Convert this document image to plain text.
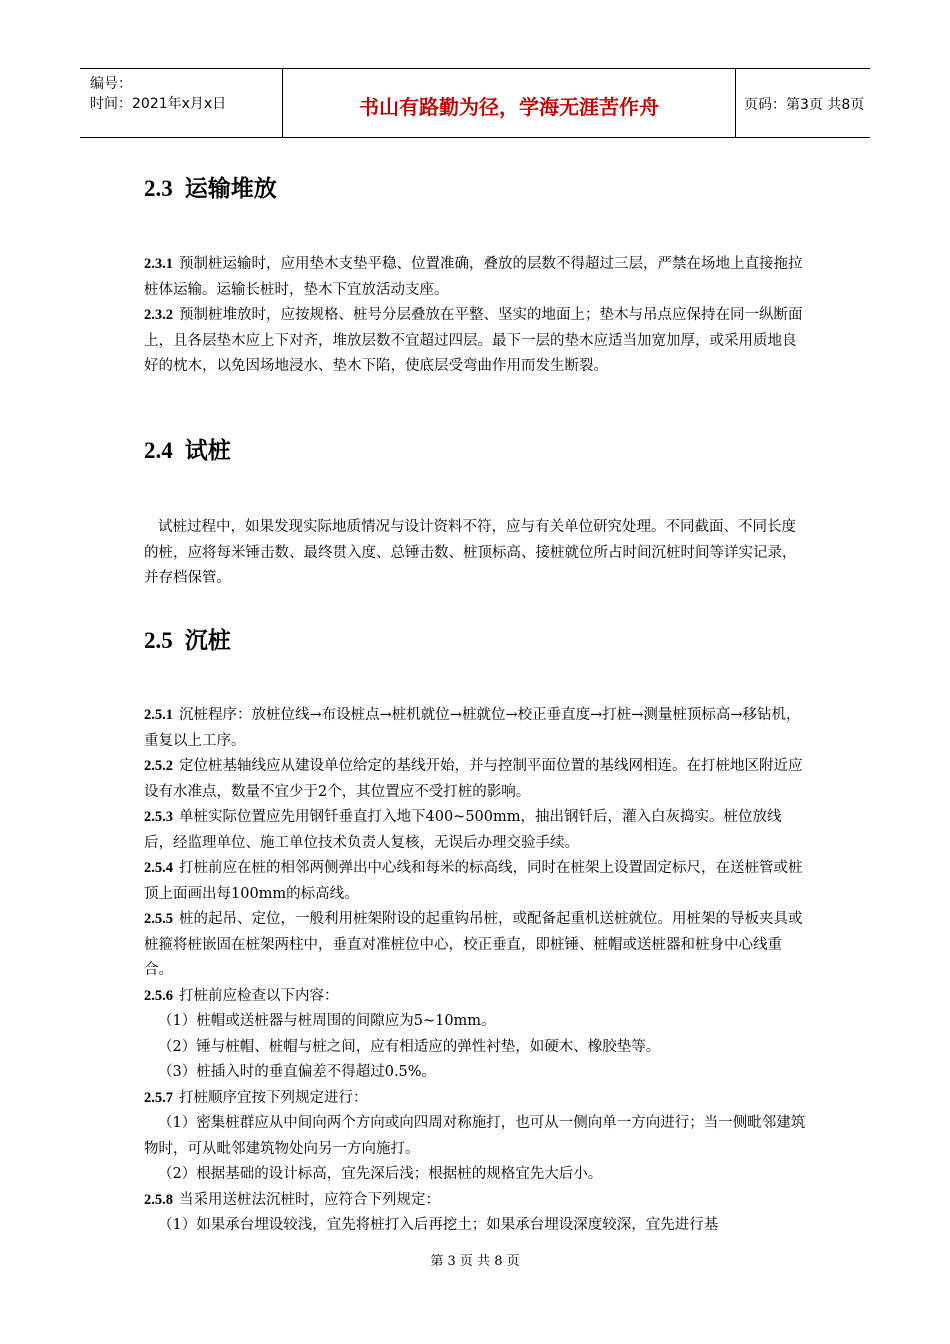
编号：
时间：2021年x月x日	书山有路勤为径，学海无涯苦作舟	页码：第3页 共8页
2.3 运输堆放

2.3.1 预制桩运输时，应用垫木支垫平稳、位置准确，叠放的层数不得超过三层，严禁在场地上直接拖拉桩体运输。运输长桩时，垫木下宜放活动支座。

2.3.2 预制桩堆放时，应按规格、桩号分层叠放在平整、坚实的地面上；垫木与吊点应保持在同一纵断面上，且各层垫木应上下对齐，堆放层数不宜超过四层。最下一层的垫木应适当加宽加厚，或采用质地良好的枕木，以免因场地浸水、垫木下陷，使底层受弯曲作用而发生断裂。

2.4 试桩

试桩过程中，如果发现实际地质情况与设计资料不符，应与有关单位研究处理。不同截面、不同长度的桩，应将每米锤击数、最终贯入度、总锤击数、桩顶标高、接桩就位所占时间沉桩时间等详实记录，并存档保管。

2.5 沉桩

2.5.1 沉桩程序：放桩位线→布设桩点→桩机就位→桩就位→校正垂直度→打桩→测量桩顶标高→移钻机，重复以上工序。

2.5.2 定位桩基轴线应从建设单位给定的基线开始，并与控制平面位置的基线网相连。在打桩地区附近应设有水准点，数量不宜少于2个，其位置应不受打桩的影响。

2.5.3 单桩实际位置应先用钢钎垂直打入地下400~500mm，抽出钢钎后，灌入白灰捣实。桩位放线后，经监理单位、施工单位技术负责人复核，无误后办理交验手续。

2.5.4 打桩前应在桩的相邻两侧弹出中心线和每米的标高线，同时在桩架上设置固定标尺，在送桩管或桩顶上面画出每100mm的标高线。

2.5.5 桩的起吊、定位，一般利用桩架附设的起重钩吊桩，或配备起重机送桩就位。用桩架的导板夹具或桩箍将桩嵌固在桩架两柱中，垂直对准桩位中心，校正垂直，即桩锤、桩帽或送桩器和桩身中心线重合。

2.5.6 打桩前应检查以下内容：

（1）桩帽或送桩器与桩周围的间隙应为5~10mm。

（2）锤与桩帽、桩帽与桩之间，应有相适应的弹性衬垫，如硬木、橡胶垫等。

（3）桩插入时的垂直偏差不得超过0.5%。

2.5.7 打桩顺序宜按下列规定进行：

（1）密集桩群应从中间向两个方向或向四周对称施打，也可从一侧向单一方向进行；当一侧毗邻建筑物时，可从毗邻建筑物处向另一方向施打。

（2）根据基础的设计标高，宜先深后浅；根据桩的规格宜先大后小。

2.5.8 当采用送桩法沉桩时，应符合下列规定：

（1）如果承台埋设较浅，宜先将桩打入后再挖土；如果承台埋设深度较深，宜先进行基

第 3 页 共 8 页
